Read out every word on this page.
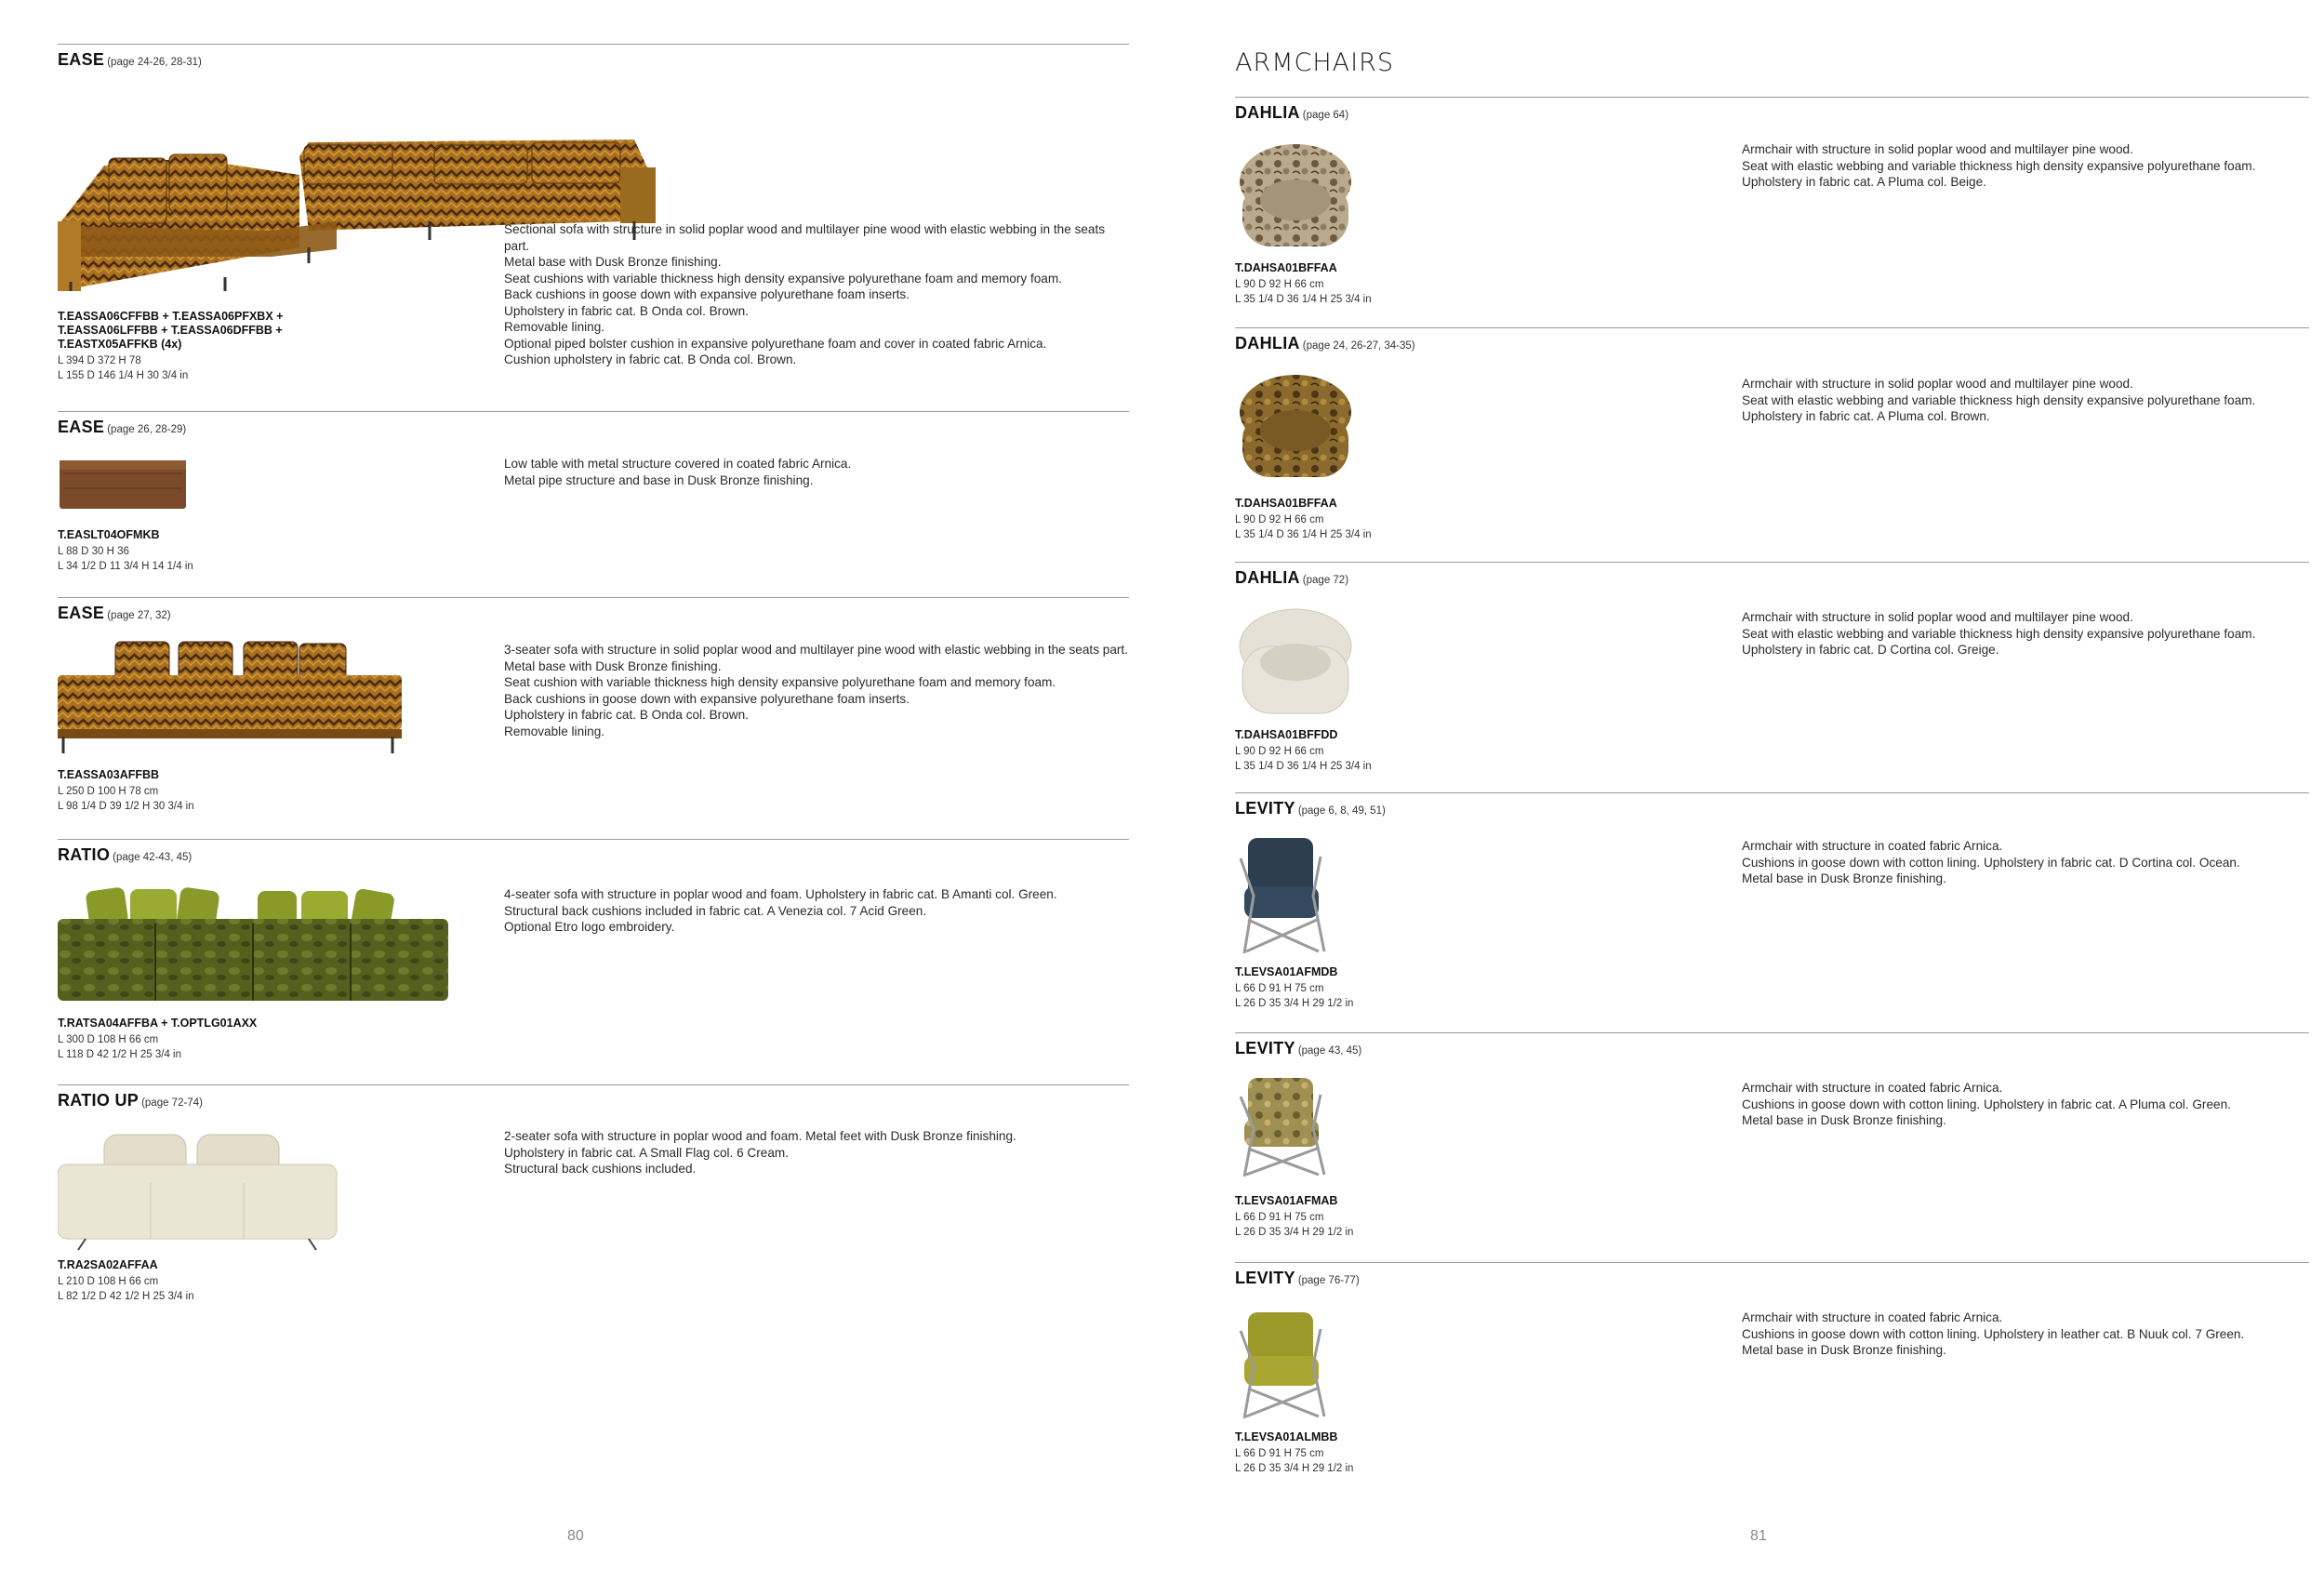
EASE (page 24-26, 28-31)
T.EASSA06CFFBB + T.EASSA06PFXBX + T.EASSA06LFFBB + T.EASSA06DFFBB + T.EASTX05AFFKB (4x)
L 394 D 372 H 78
L 155 D 146 1/4 H 30 3/4 in

Sectional sofa with structure in solid poplar wood and multilayer pine wood with elastic webbing in the seats part.

Metal base with Dusk Bronze finishing.

Seat cushions with variable thickness high density expansive polyurethane foam and memory foam.

Back cushions in goose down with expansive polyurethane foam inserts.

Upholstery in fabric cat. B Onda col. Brown.

Removable lining.

Optional piped bolster cushion in expansive polyurethane foam and cover in coated fabric Arnica.

Cushion upholstery in fabric cat. B Onda col. Brown.

EASE (page 26, 28-29)
T.EASLT04OFMKB
L 88 D 30 H 36
L 34 1/2 D 11 3/4 H 14 1/4 in

Low table with metal structure covered in coated fabric Arnica.

Metal pipe structure and base in Dusk Bronze finishing.

EASE (page 27, 32)
T.EASSA03AFFBB
L 250 D 100 H 78 cm
L 98 1/4 D 39 1/2 H 30 3/4 in

3-seater sofa with structure in solid poplar wood and multilayer pine wood with elastic webbing in the seats part.

Metal base with Dusk Bronze finishing.

Seat cushion with variable thickness high density expansive polyurethane foam and memory foam.

Back cushions in goose down with expansive polyurethane foam inserts.

Upholstery in fabric cat. B Onda col. Brown.

Removable lining.

RATIO (page 42-43, 45)
T.RATSA04AFFBA + T.OPTLG01AXX
L 300 D 108 H 66 cm
L 118 D 42 1/2 H 25 3/4 in

4-seater sofa with structure in poplar wood and foam. Upholstery in fabric cat. B Amanti col. Green.

Structural back cushions included in fabric cat. A Venezia col. 7 Acid Green.

Optional Etro logo embroidery.

RATIO UP (page 72-74)
T.RA2SA02AFFAA
L 210 D 108 H 66 cm
L 82 1/2 D 42 1/2 H 25 3/4 in

2-seater sofa with structure in poplar wood and foam. Metal feet with Dusk Bronze finishing.

Upholstery in fabric cat. A Small Flag col. 6 Cream.

Structural back cushions included.

80
ARMCHAIRS
DAHLIA (page 64)
T.DAHSA01BFFAA
L 90 D 92 H 66 cm
L 35 1/4 D 36 1/4 H 25 3/4 in

Armchair with structure in solid poplar wood and multilayer pine wood.

Seat with elastic webbing and variable thickness high density expansive polyurethane foam.

Upholstery in fabric cat. A Pluma col. Beige.

DAHLIA (page 24, 26-27, 34-35)
T.DAHSA01BFFAA
L 90 D 92 H 66 cm
L 35 1/4 D 36 1/4 H 25 3/4 in

Armchair with structure in solid poplar wood and multilayer pine wood.

Seat with elastic webbing and variable thickness high density expansive polyurethane foam.

Upholstery in fabric cat. A Pluma col. Brown.

DAHLIA (page 72)
T.DAHSA01BFFDD
L 90 D 92 H 66 cm
L 35 1/4 D 36 1/4 H 25 3/4 in

Armchair with structure in solid poplar wood and multilayer pine wood.

Seat with elastic webbing and variable thickness high density expansive polyurethane foam.

Upholstery in fabric cat. D Cortina col. Greige.

LEVITY (page 6, 8, 49, 51)
T.LEVSA01AFMDB
L 66 D 91 H 75 cm
L 26 D 35 3/4 H 29 1/2 in

Armchair with structure in coated fabric Arnica.

Cushions in goose down with cotton lining. Upholstery in fabric cat. D Cortina col. Ocean.

Metal base in Dusk Bronze finishing.

LEVITY (page 43, 45)
T.LEVSA01AFMAB
L 66 D 91 H 75 cm
L 26 D 35 3/4 H 29 1/2 in

Armchair with structure in coated fabric Arnica.

Cushions in goose down with cotton lining. Upholstery in fabric cat. A Pluma col. Green.

Metal base in Dusk Bronze finishing.

LEVITY (page 76-77)
T.LEVSA01ALMBB
L 66 D 91 H 75 cm
L 26 D 35 3/4 H 29 1/2 in

Armchair with structure in coated fabric Arnica.

Cushions in goose down with cotton lining. Upholstery in leather cat. B Nuuk col. 7 Green.

Metal base in Dusk Bronze finishing.

81
